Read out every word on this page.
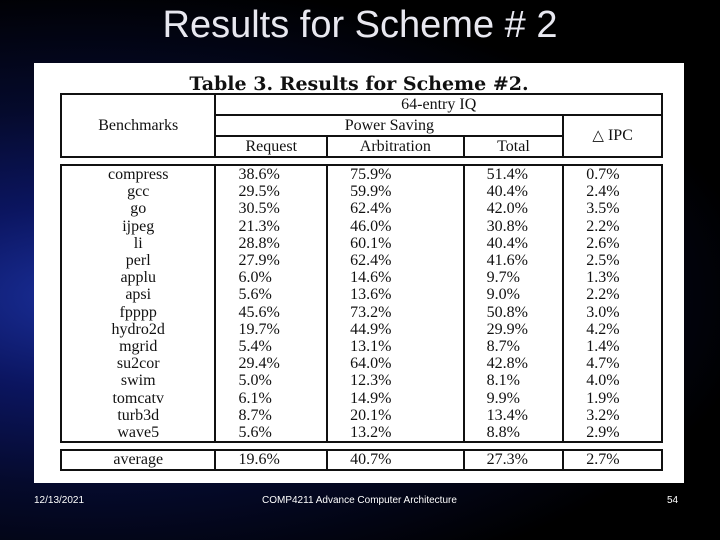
Results for Scheme # 2
Table 3. Results for Scheme #2.
Benchmarks	64-entry IQ			
	Power Saving			△ IPC
	Request	Arbitration	Total	

compress	38.6%	75.9%	51.4%	0.7%
gcc	29.5%	59.9%	40.4%	2.4%
go	30.5%	62.4%	42.0%	3.5%
ijpeg	21.3%	46.0%	30.8%	2.2%
li	28.8%	60.1%	40.4%	2.6%
perl	27.9%	62.4%	41.6%	2.5%
applu	6.0%	14.6%	9.7%	1.3%
apsi	5.6%	13.6%	9.0%	2.2%
fpppp	45.6%	73.2%	50.8%	3.0%
hydro2d	19.7%	44.9%	29.9%	4.2%
mgrid	5.4%	13.1%	8.7%	1.4%
su2cor	29.4%	64.0%	42.8%	4.7%
swim	5.0%	12.3%	8.1%	4.0%
tomcatv	6.1%	14.9%	9.9%	1.9%
turb3d	8.7%	20.1%	13.4%	3.2%
wave5	5.6%	13.2%	8.8%	2.9%

average	19.6%	40.7%	27.3%	2.7%
12/13/2021	COMP4211 Advance Computer Architecture	54
